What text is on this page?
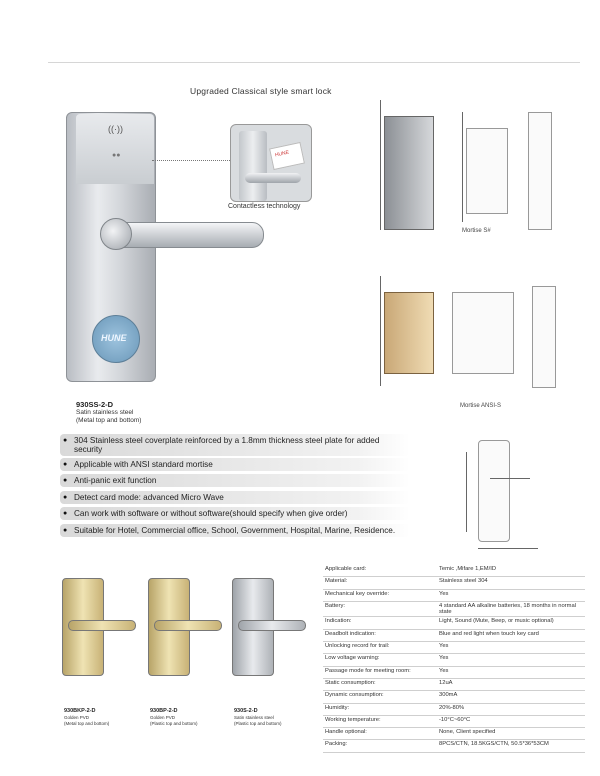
Upgraded Classical style smart lock
((·))
●●
HUNE
HUNE
Contactless technology
Mortise S#
Mortise ANSI-S
930SS-2-D
Satin stainless steel
(Metal top and bottom)
● 304 Stainless steel coverplate reinforced by a 1.8mm thickness steel plate for added security
● Applicable with ANSI standard mortise
● Anti-panic exit function
● Detect card mode: advanced Micro Wave
● Can work with software or without software(should specify when give order)
● Suitable for Hotel, Commercial office, School, Government, Hospital, Marine, Residence.
930BKP-2-D
Golden PVD
(Metal top and bottom)
930BP-2-D
Golden PVD
(Plastic top and bottom)
930S-2-D
Satin stainless steel
(Plastic top and bottom)
Applicable card:	Temic ,Mifare 1,EM/ID
Material:	Stainless steel 304
Mechanical key override:	Yes
Battery:	4 standard AA alkaline batteries, 18 months in normal state
Indication:	Light, Sound (Mute, Beep, or music optional)
Deadbolt indication:	Blue and red light when touch key card
Unlocking record for trail:	Yes
Low voltage warning:	Yes
Passage mode for meeting room:	Yes
Static consumption:	12uA
Dynamic consumption:	300mA
Humidity:	20%-80%
Working temperature:	-10°C~60°C
Handle optional:	None, Client specified
Packing:	8PCS/CTN, 18.5KGS/CTN, 50.5*36*53CM
